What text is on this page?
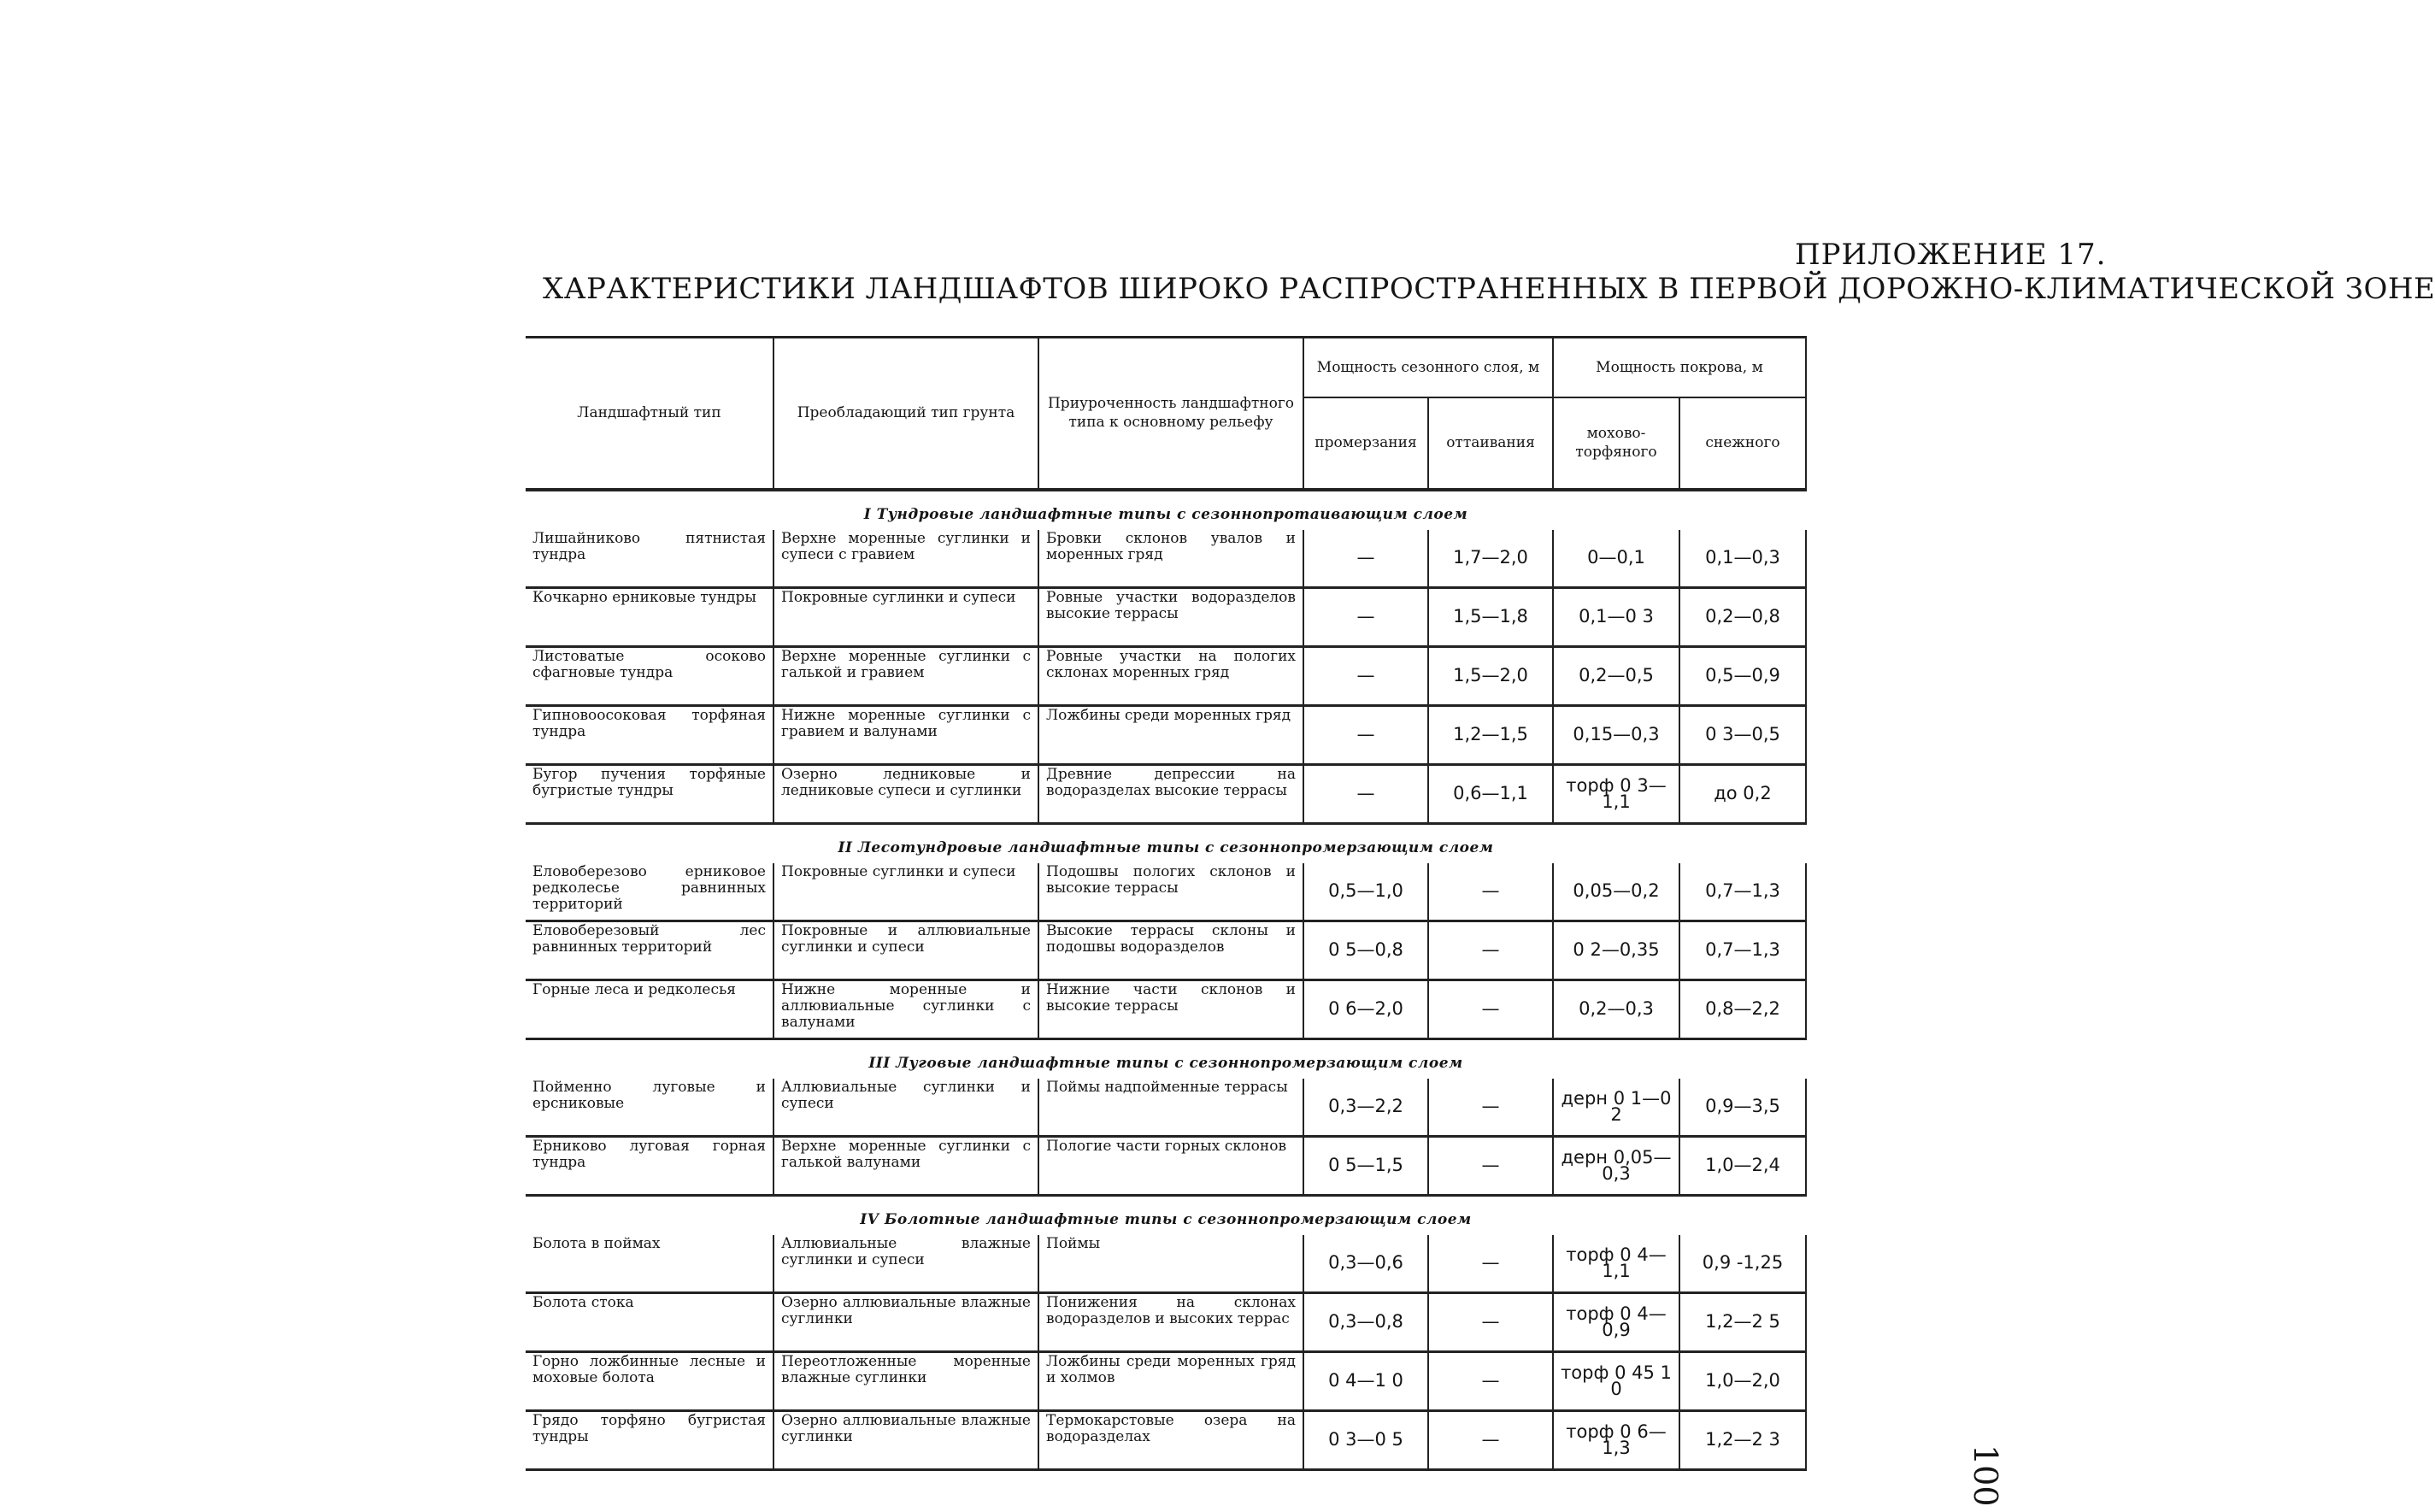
ПРИЛОЖЕНИЕ 17.
ХАРАКТЕРИСТИКИ ЛАНДШАФТОВ ШИРОКО РАСПРОСТРАНЕННЫХ В ПЕРВОЙ ДОРОЖНО-КЛИМАТИЧЕСКОЙ ЗОНЕ
Ландшафтный тип	Преобладающий тип грунта	Приуроченность ландшафтного типа к основному рельефу	Мощность сезонного слоя, м		Мощность покрова, м	
			промерзания	оттаивания	мохово-торфяного	снежного
I Тундровые ландшафтные типы с сезоннопротаивающим слоем						
Лишайниково пятнистая тундра	Верхне моренные суглинки и супеси с гравием	Бровки склонов увалов и моренных гряд	—	1,7—2,0	0—0,1	0,1—0,3
Кочкарно ерниковые тундры	Покровные суглинки и супеси	Ровные участки водоразделов высокие террасы	—	1,5—1,8	0,1—0 3	0,2—0,8
Листоватые осоково сфагновые тундра	Верхне моренные суглинки с галькой и гравием	Ровные участки на пологих склонах моренных гряд	—	1,5—2,0	0,2—0,5	0,5—0,9
Гипновоосоковая торфяная тундра	Нижне моренные суглинки с гравием и валунами	Ложбины среди моренных гряд	—	1,2—1,5	0,15—0,3	0 3—0,5
Бугор пучения торфяные бугристые тундры	Озерно ледниковые и ледниковые супеси и суглинки	Древние депрессии на водоразделах высокие террасы	—	0,6—1,1	торф 0 3—1,1	до 0,2
II Лесотундровые ландшафтные типы с сезоннопромерзающим слоем						
Еловоберезово ерниковое редколесье равнинных территорий	Покровные суглинки и супеси	Подошвы пологих склонов и высокие террасы	0,5—1,0	—	0,05—0,2	0,7—1,3
Еловоберезовый лес равнинных территорий	Покровные и аллювиальные суглинки и супеси	Высокие террасы склоны и подошвы водоразделов	0 5—0,8	—	0 2—0,35	0,7—1,3
Горные леса и редколесья	Нижне моренные и аллювиальные суглинки с валунами	Нижние части склонов и высокие террасы	0 6—2,0	—	0,2—0,3	0,8—2,2
III Луговые ландшафтные типы с сезоннопромерзающим слоем						
Пойменно луговые и ерсниковые	Аллювиальные суглинки и супеси	Поймы надпойменные террасы	0,3—2,2	—	дерн 0 1—0 2	0,9—3,5
Ерниково луговая горная тундра	Верхне моренные суглинки с галькой валунами	Пологие части горных склонов	0 5—1,5	—	дерн 0,05—0,3	1,0—2,4
IV Болотные ландшафтные типы с сезоннопромерзающим слоем						
Болота в поймах	Аллювиальные влажные суглинки и супеси	Поймы	0,3—0,6	—	торф 0 4—1,1	0,9 -1,25
Болота стока	Озерно аллювиальные влажные суглинки	Понижения на склонах водоразделов и высоких террас	0,3—0,8	—	торф 0 4—0,9	1,2—2 5
Горно ложбинные лесные и моховые болота	Переотложенные моренные влажные суглинки	Ложбины среди моренных гряд и холмов	0 4—1 0	—	торф 0 45 1 0	1,0—2,0
Грядо торфяно бугристая тундры	Озерно аллювиальные влажные суглинки	Термокарстовые озера на водоразделах	0 3—0 5	—	торф 0 6—1,3	1,2—2 3
100
